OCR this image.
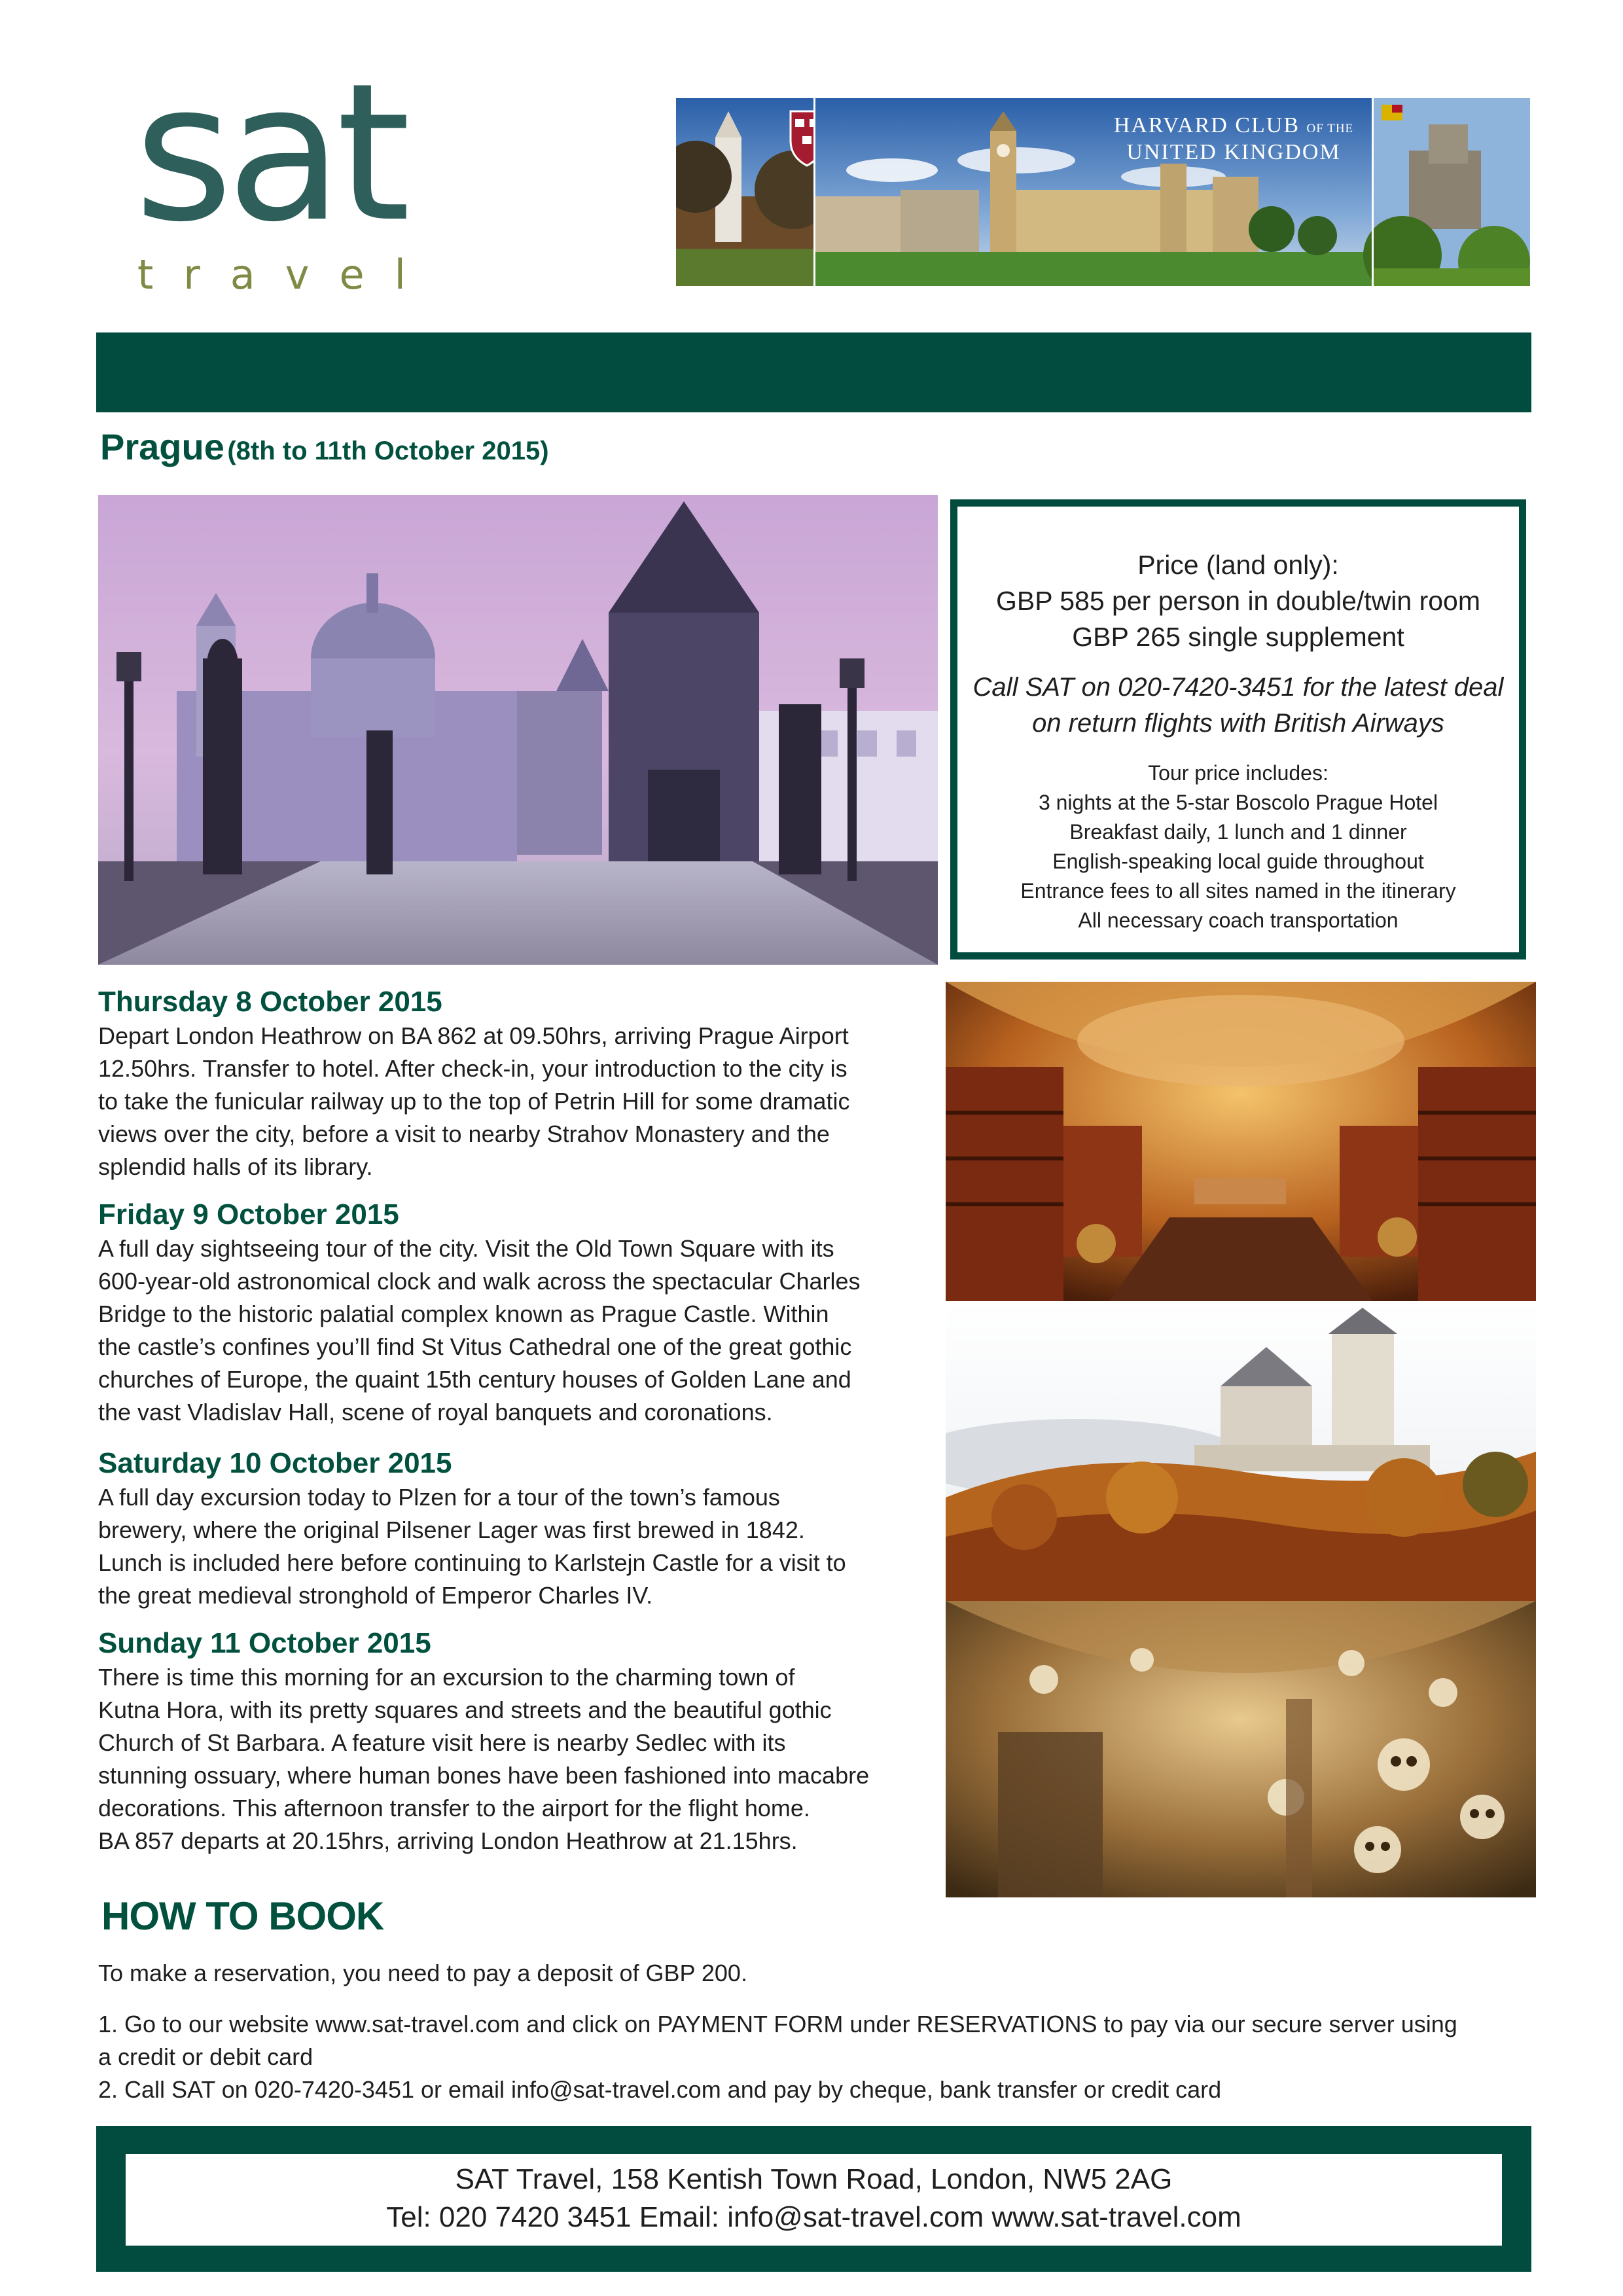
sat
travel
HARVARD CLUB OF THE
UNITED KINGDOM
Prague (8th to 11th October 2015)
Price (land only):
GBP 585 per person in double/twin room
GBP 265 single supplement
Call SAT on 020-7420-3451 for the latest deal
on return flights with British Airways
Tour price includes:
3 nights at the 5-star Boscolo Prague Hotel
Breakfast daily, 1 lunch and 1 dinner
English-speaking local guide throughout
Entrance fees to all sites named in the itinerary
All necessary coach transportation
Thursday 8 October 2015
Depart London Heathrow on BA 862 at 09.50hrs, arriving Prague Airport
12.50hrs. Transfer to hotel. After check-in, your introduction to the city is
to take the funicular railway up to the top of Petrin Hill for some dramatic
views over the city, before a visit to nearby Strahov Monastery and the
splendid halls of its library.
Friday 9 October 2015
A full day sightseeing tour of the city. Visit the Old Town Square with its
600-year-old astronomical clock and walk across the spectacular Charles
Bridge to the historic palatial complex known as Prague Castle. Within
the castle’s confines you’ll find St Vitus Cathedral one of the great gothic
churches of Europe, the quaint 15th century houses of Golden Lane and
the vast Vladislav Hall, scene of royal banquets and coronations.
Saturday 10 October 2015
A full day excursion today to Plzen for a tour of the town’s famous
brewery, where the original Pilsener Lager was first brewed in 1842.
Lunch is included here before continuing to Karlstejn Castle for a visit to
the great medieval stronghold of Emperor Charles IV.
Sunday 11 October 2015
There is time this morning for an excursion to the charming town of
Kutna Hora, with its pretty squares and streets and the beautiful gothic
Church of St Barbara. A feature visit here is nearby Sedlec with its
stunning ossuary, where human bones have been fashioned into macabre
decorations. This afternoon transfer to the airport for the flight home.
BA 857 departs at 20.15hrs, arriving London Heathrow at 21.15hrs.
HOW TO BOOK
To make a reservation, you need to pay a deposit of GBP 200.
1. Go to our website www.sat-travel.com and click on PAYMENT FORM under RESERVATIONS to pay via our secure server using
a credit or debit card
2. Call SAT on 020-7420-3451 or email info@sat-travel.com and pay by cheque, bank transfer or credit card
SAT Travel, 158 Kentish Town Road, London, NW5 2AG
Tel: 020 7420 3451 Email: info@sat-travel.com www.sat-travel.com
